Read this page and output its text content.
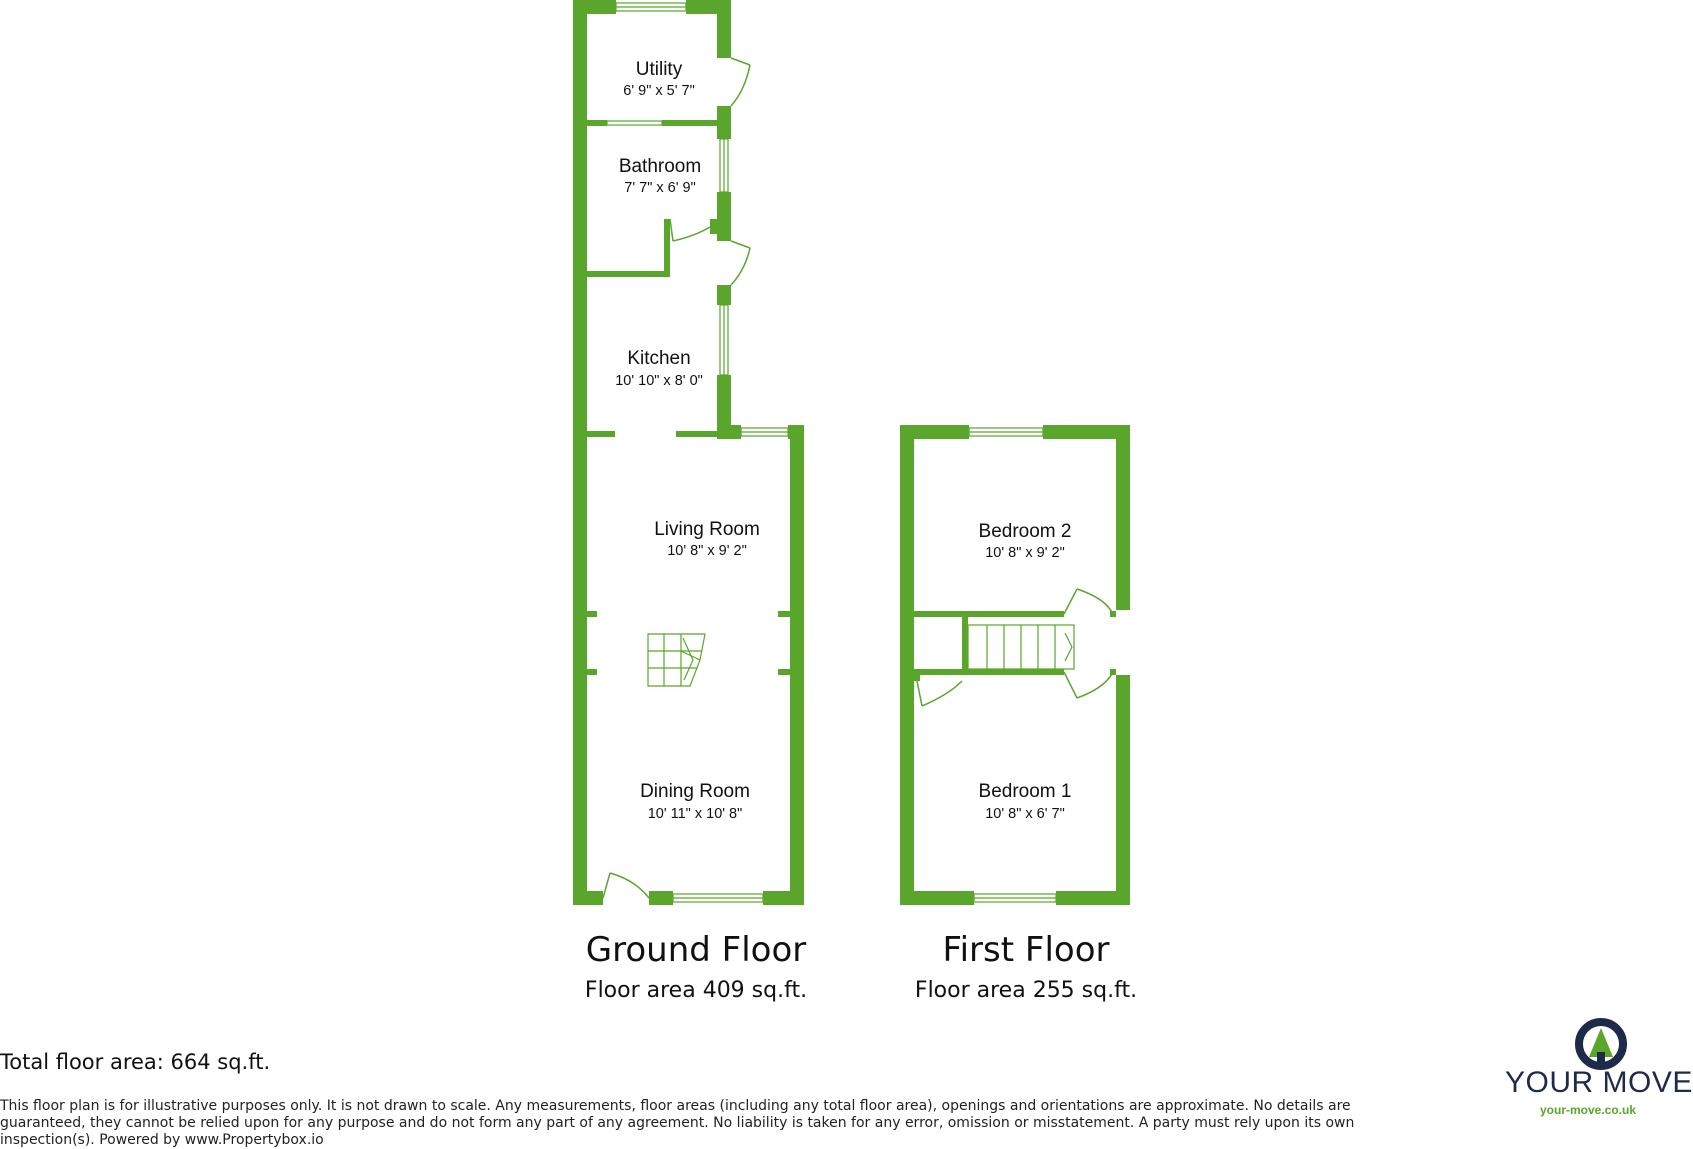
Utility
6' 9" x 5' 7"
Bathroom
7' 7" x 6' 9"
Kitchen
10' 10" x 8' 0"
Living Room
10' 8" x 9' 2"
Dining Room
10' 11" x 10' 8"
Bedroom 2
10' 8" x 9' 2"
Bedroom 1
10' 8" x 6' 7"
Ground Floor
Floor area 409 sq.ft.
First Floor
Floor area 255 sq.ft.
Total floor area: 664 sq.ft.
This floor plan is for illustrative purposes only. It is not drawn to scale. Any measurements, floor areas (including any total floor area), openings and orientations are approximate. No details are guaranteed, they cannot be relied upon for any purpose and do not form any part of any agreement. No liability is taken for any error, omission or misstatement. A party must rely upon its own inspection(s). Powered by www.Propertybox.io
YOUR MOVE
your-move.co.uk
